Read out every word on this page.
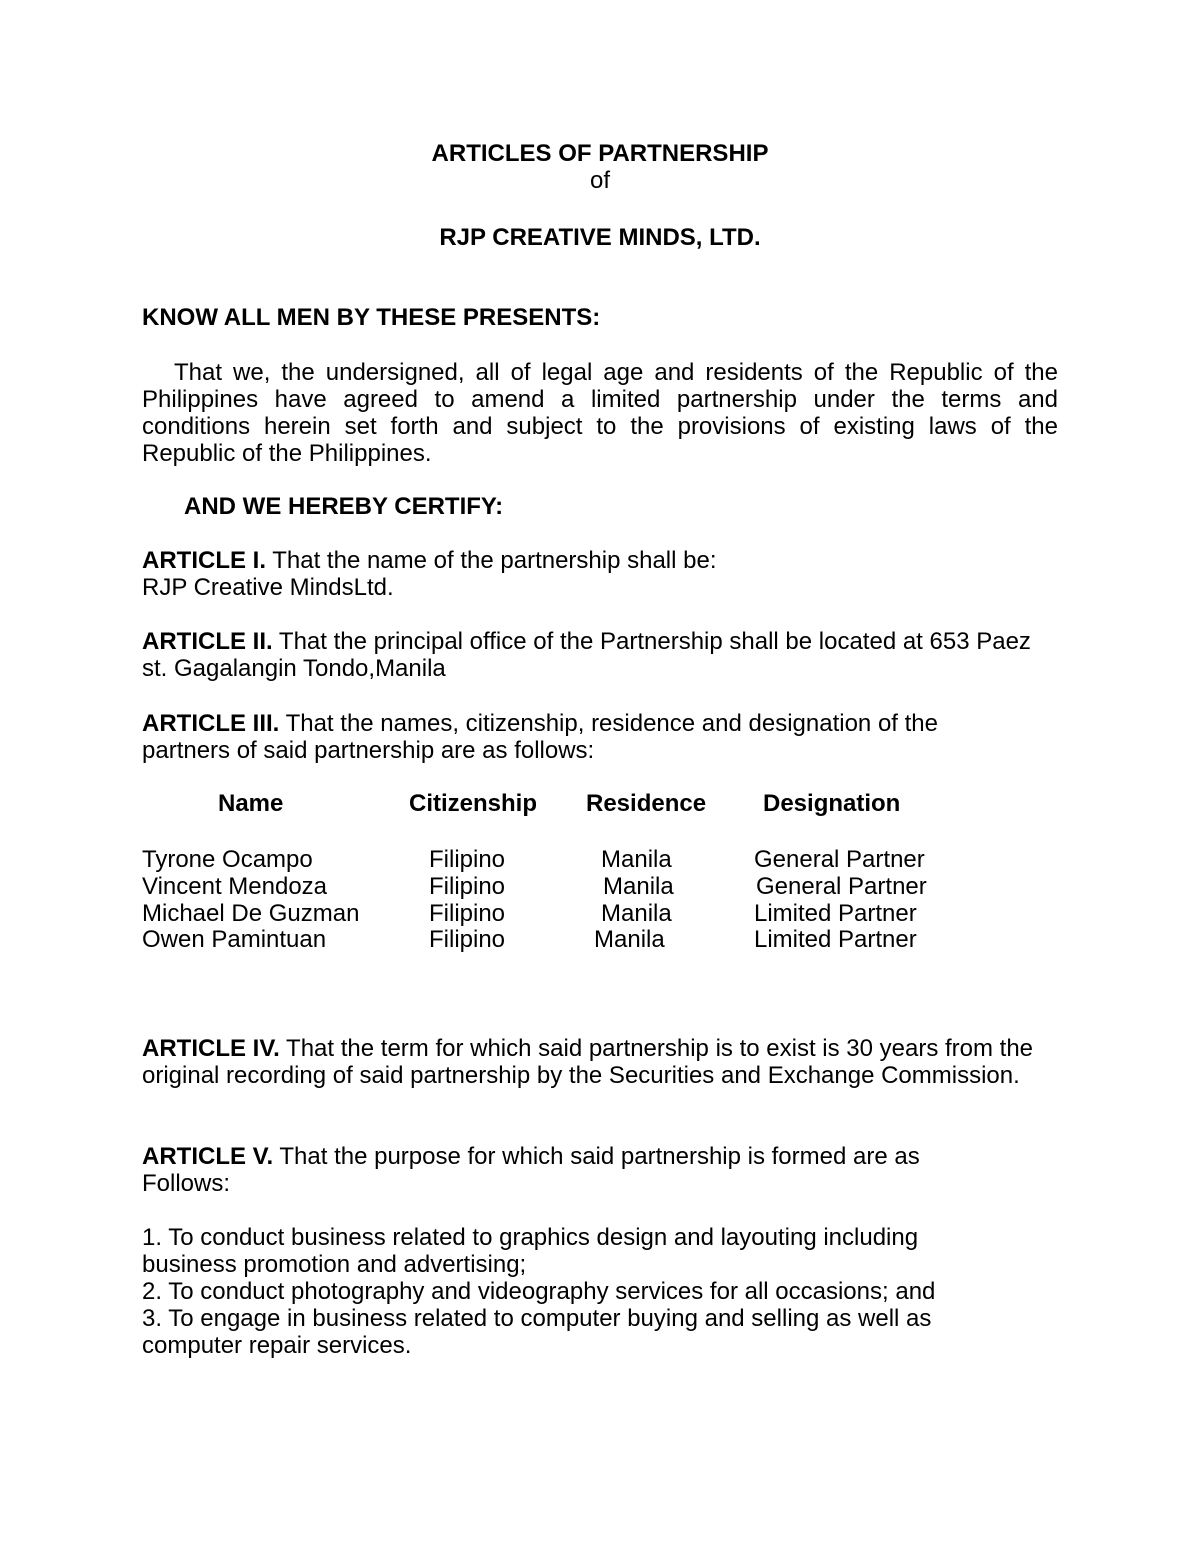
ARTICLES OF PARTNERSHIP

of

RJP CREATIVE MINDS, LTD.

KNOW ALL MEN BY THESE PRESENTS:

That we, the undersigned, all of legal age and residents of the Republic of the Philippines have agreed to amend a limited partnership under the terms and conditions herein set forth and subject to the provisions of existing laws of the Republic of the Philippines.

AND WE HEREBY CERTIFY:

ARTICLE I. That the name of the partnership shall be:
RJP Creative MindsLtd.
ARTICLE II. That the principal office of the Partnership shall be located at 653 Paez st. Gagalangin Tondo,Manila
ARTICLE III. That the names, citizenship, residence and designation of the partners of said partnership are as follows:
Name	Citizenship Residence Designation
Tyrone Ocampo	Filipino	Manila	General Partner
Vincent Mendoza	Filipino	Manila	General Partner
Michael De Guzman	Filipino	Manila	Limited Partner
Owen Pamintuan	Filipino	Manila	Limited Partner
ARTICLE IV. That the term for which said partnership is to exist is 30 years from the original recording of said partnership by the Securities and Exchange Commission.
ARTICLE V. That the purpose for which said partnership is formed are as Follows:
1. To conduct business related to graphics design and layouting including business promotion and advertising;
2. To conduct photography and videography services for all occasions; and
3. To engage in business related to computer buying and selling as well as computer repair services.
